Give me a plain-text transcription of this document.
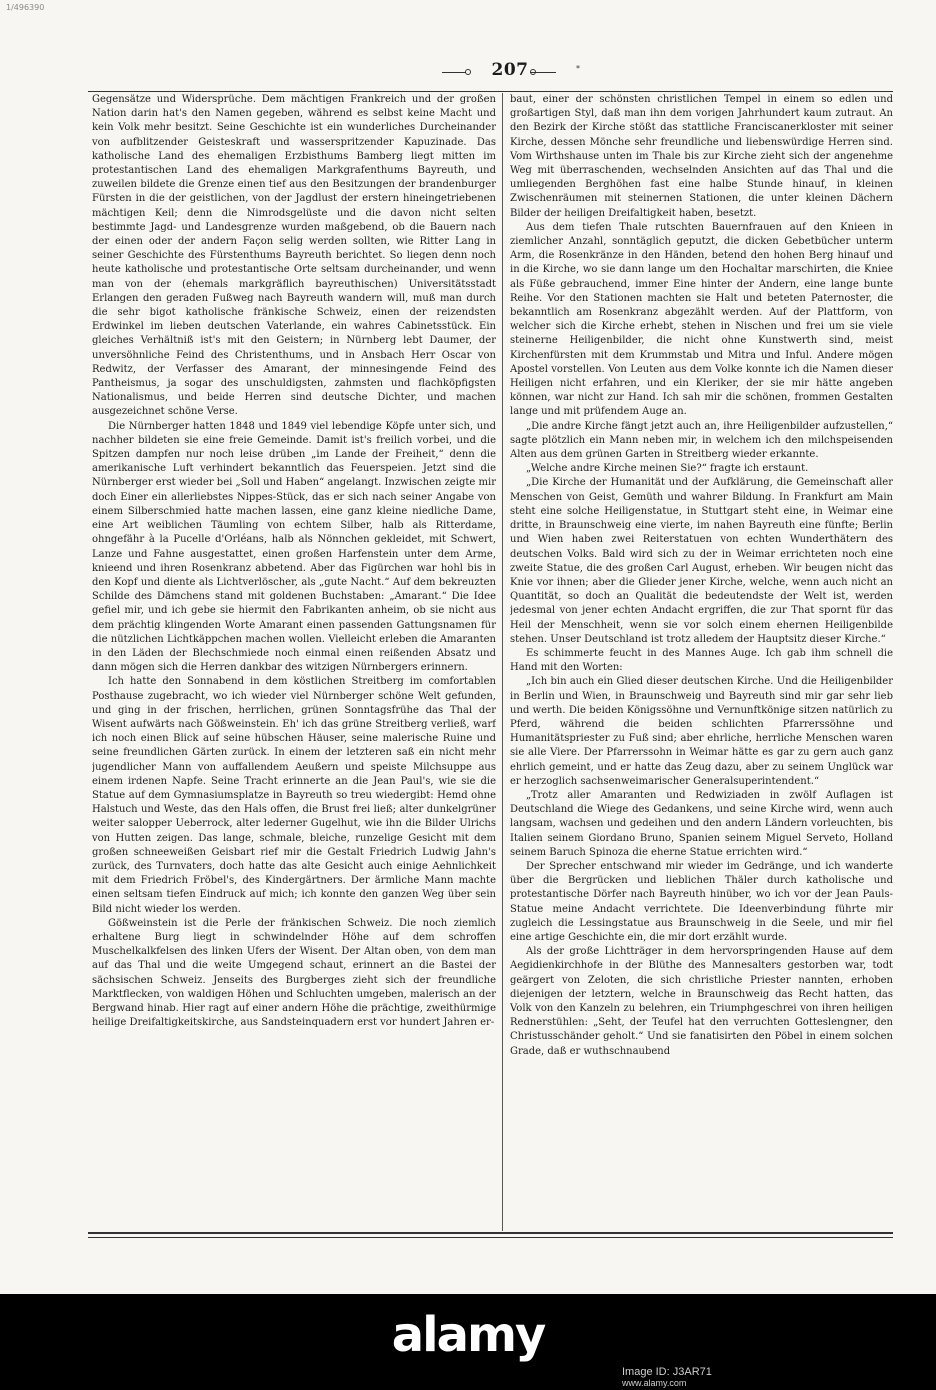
1/496390
207	*

Gegensätze und Widersprüche. Dem mächtigen Frankreich und der großen Nation darin hat's den Namen gegeben, während es selbst keine Macht und kein Volk mehr besitzt. Seine Geschichte ist ein wunderliches Durcheinander von aufblitzender Geisteskraft und wasserspritzender Kapuzinade. Das katholische Land des ehemaligen Erzbisthums Bamberg liegt mitten im protestantischen Land des ehemaligen Markgrafenthums Bayreuth, und zuweilen bildete die Grenze einen tief aus den Besitzungen der brandenburger Fürsten in die der geistlichen, von der Jagdlust der erstern hineingetriebenen mächtigen Keil; denn die Nimrodsgelüste und die davon nicht selten bestimmte Jagd- und Landesgrenze wurden maßgebend, ob die Bauern nach der einen oder der andern Façon selig werden sollten, wie Ritter Lang in seiner Geschichte des Fürstenthums Bayreuth berichtet. So liegen denn noch heute katholische und protestantische Orte seltsam durcheinander, und wenn man von der (ehemals markgräflich bayreuthischen) Universitätsstadt Erlangen den geraden Fußweg nach Bayreuth wandern will, muß man durch die sehr bigot katholische fränkische Schweiz, einen der reizendsten Erdwinkel im lieben deutschen Vaterlande, ein wahres Cabinetsstück. Ein gleiches Verhältniß ist's mit den Geistern; in Nürnberg lebt Daumer, der unversöhnliche Feind des Christenthums, und in Ansbach Herr Oscar von Redwitz, der Verfasser des Amarant, der minnesingende Feind des Pantheismus, ja sogar des unschuldigsten, zahmsten und flachköpfigsten Nationalismus, und beide Herren sind deutsche Dichter, und machen ausgezeichnet schöne Verse.

Die Nürnberger hatten 1848 und 1849 viel lebendige Köpfe unter sich, und nachher bildeten sie eine freie Gemeinde. Damit ist's freilich vorbei, und die Spitzen dampfen nur noch leise drüben „im Lande der Freiheit,“ denn die amerikanische Luft verhindert bekanntlich das Feuerspeien. Jetzt sind die Nürnberger erst wieder bei „Soll und Haben“ angelangt. Inzwischen zeigte mir doch Einer ein allerliebstes Nippes-Stück, das er sich nach seiner Angabe von einem Silberschmied hatte machen lassen, eine ganz kleine niedliche Dame, eine Art weiblichen Täumling von echtem Silber, halb als Ritterdame, ohngefähr à la Pucelle d'Orléans, halb als Nönnchen gekleidet, mit Schwert, Lanze und Fahne ausgestattet, einen großen Harfenstein unter dem Arme, knieend und ihren Rosenkranz abbetend. Aber das Figürchen war hohl bis in den Kopf und diente als Lichtverlöscher, als „gute Nacht.“ Auf dem bekreuzten Schilde des Dämchens stand mit goldenen Buchstaben: „Amarant.“ Die Idee gefiel mir, und ich gebe sie hiermit den Fabrikanten anheim, ob sie nicht aus dem prächtig klingenden Worte Amarant einen passenden Gattungsnamen für die nützlichen Lichtkäppchen machen wollen. Vielleicht erleben die Amaranten in den Läden der Blechschmiede noch einmal einen reißenden Absatz und dann mögen sich die Herren dankbar des witzigen Nürnbergers erinnern.

Ich hatte den Sonnabend in dem köstlichen Streitberg im comfortablen Posthause zugebracht, wo ich wieder viel Nürnberger schöne Welt gefunden, und ging in der frischen, herrlichen, grünen Sonntagsfrühe das Thal der Wisent aufwärts nach Gößweinstein. Eh' ich das grüne Streitberg verließ, warf ich noch einen Blick auf seine hübschen Häuser, seine malerische Ruine und seine freundlichen Gärten zurück. In einem der letzteren saß ein nicht mehr jugendlicher Mann von auffallendem Aeußern und speiste Milchsuppe aus einem irdenen Napfe. Seine Tracht erinnerte an die Jean Paul's, wie sie die Statue auf dem Gymnasiumsplatze in Bayreuth so treu wiedergibt: Hemd ohne Halstuch und Weste, das den Hals offen, die Brust frei ließ; alter dunkelgrüner weiter salopper Ueberrock, alter lederner Gugelhut, wie ihn die Bilder Ulrichs von Hutten zeigen. Das lange, schmale, bleiche, runzelige Gesicht mit dem großen schneeweißen Geisbart rief mir die Gestalt Friedrich Ludwig Jahn's zurück, des Turnvaters, doch hatte das alte Gesicht auch einige Aehnlichkeit mit dem Friedrich Fröbel's, des Kindergärtners. Der ärmliche Mann machte einen seltsam tiefen Eindruck auf mich; ich konnte den ganzen Weg über sein Bild nicht wieder los werden.

Gößweinstein ist die Perle der fränkischen Schweiz. Die noch ziemlich erhaltene Burg liegt in schwindelnder Höhe auf dem schroffen Muschelkalkfelsen des linken Ufers der Wisent. Der Altan oben, von dem man auf das Thal und die weite Umgegend schaut, erinnert an die Bastei der sächsischen Schweiz. Jenseits des Burgberges zieht sich der freundliche Marktflecken, von waldigen Höhen und Schluchten umgeben, malerisch an der Bergwand hinab. Hier ragt auf einer andern Höhe die prächtige, zweithürmige heilige Dreifaltigkeitskirche, aus Sandsteinquadern erst vor hundert Jahren er-

baut, einer der schönsten christlichen Tempel in einem so edlen und großartigen Styl, daß man ihn dem vorigen Jahrhundert kaum zutraut. An den Bezirk der Kirche stößt das stattliche Franciscanerkloster mit seiner Kirche, dessen Mönche sehr freundliche und liebenswürdige Herren sind. Vom Wirthshause unten im Thale bis zur Kirche zieht sich der angenehme Weg mit überraschenden, wechselnden Ansichten auf das Thal und die umliegenden Berghöhen fast eine halbe Stunde hinauf, in kleinen Zwischenräumen mit steinernen Stationen, die unter kleinen Dächern Bilder der heiligen Dreifaltigkeit haben, besetzt.

Aus dem tiefen Thale rutschten Bauernfrauen auf den Knieen in ziemlicher Anzahl, sonntäglich geputzt, die dicken Gebetbücher unterm Arm, die Rosenkränze in den Händen, betend den hohen Berg hinauf und in die Kirche, wo sie dann lange um den Hochaltar marschirten, die Kniee als Füße gebrauchend, immer Eine hinter der Andern, eine lange bunte Reihe. Vor den Stationen machten sie Halt und beteten Paternoster, die bekanntlich am Rosenkranz abgezählt werden. Auf der Plattform, von welcher sich die Kirche erhebt, stehen in Nischen und frei um sie viele steinerne Heiligenbilder, die nicht ohne Kunstwerth sind, meist Kirchenfürsten mit dem Krummstab und Mitra und Inful. Andere mögen Apostel vorstellen. Von Leuten aus dem Volke konnte ich die Namen dieser Heiligen nicht erfahren, und ein Kleriker, der sie mir hätte angeben können, war nicht zur Hand. Ich sah mir die schönen, frommen Gestalten lange und mit prüfendem Auge an.

„Die andre Kirche fängt jetzt auch an, ihre Heiligenbilder aufzustellen,“ sagte plötzlich ein Mann neben mir, in welchem ich den milchspeisenden Alten aus dem grünen Garten in Streitberg wieder erkannte.

„Welche andre Kirche meinen Sie?“ fragte ich erstaunt.

„Die Kirche der Humanität und der Aufklärung, die Gemeinschaft aller Menschen von Geist, Gemüth und wahrer Bildung. In Frankfurt am Main steht eine solche Heiligenstatue, in Stuttgart steht eine, in Weimar eine dritte, in Braunschweig eine vierte, im nahen Bayreuth eine fünfte; Berlin und Wien haben zwei Reiterstatuen von echten Wunderthätern des deutschen Volks. Bald wird sich zu der in Weimar errichteten noch eine zweite Statue, die des großen Carl August, erheben. Wir beugen nicht das Knie vor ihnen; aber die Glieder jener Kirche, welche, wenn auch nicht an Quantität, so doch an Qualität die bedeutendste der Welt ist, werden jedesmal von jener echten Andacht ergriffen, die zur That spornt für das Heil der Menschheit, wenn sie vor solch einem ehernen Heiligenbilde stehen. Unser Deutschland ist trotz alledem der Hauptsitz dieser Kirche.“

Es schimmerte feucht in des Mannes Auge. Ich gab ihm schnell die Hand mit den Worten:

„Ich bin auch ein Glied dieser deutschen Kirche. Und die Heiligenbilder in Berlin und Wien, in Braunschweig und Bayreuth sind mir gar sehr lieb und werth. Die beiden Königssöhne und Vernunftkönige sitzen natürlich zu Pferd, während die beiden schlichten Pfarrerssöhne und Humanitätspriester zu Fuß sind; aber ehrliche, herrliche Menschen waren sie alle Viere. Der Pfarrerssohn in Weimar hätte es gar zu gern auch ganz ehrlich gemeint, und er hatte das Zeug dazu, aber zu seinem Unglück war er herzoglich sachsenweimarischer Generalsuperintendent.“

„Trotz aller Amaranten und Redwiziaden in zwölf Auflagen ist Deutschland die Wiege des Gedankens, und seine Kirche wird, wenn auch langsam, wachsen und gedeihen und den andern Ländern vorleuchten, bis Italien seinem Giordano Bruno, Spanien seinem Miguel Serveto, Holland seinem Baruch Spinoza die eherne Statue errichten wird.“

Der Sprecher entschwand mir wieder im Gedränge, und ich wanderte über die Bergrücken und lieblichen Thäler durch katholische und protestantische Dörfer nach Bayreuth hinüber, wo ich vor der Jean Pauls-Statue meine Andacht verrichtete. Die Ideenverbindung führte mir zugleich die Lessingstatue aus Braunschweig in die Seele, und mir fiel eine artige Geschichte ein, die mir dort erzählt wurde.

Als der große Lichtträger in dem hervorspringenden Hause auf dem Aegidienkirchhofe in der Blüthe des Mannesalters gestorben war, todt geärgert von Zeloten, die sich christliche Priester nannten, erhoben diejenigen der letztern, welche in Braunschweig das Recht hatten, das Volk von den Kanzeln zu belehren, ein Triumphgeschrei von ihren heiligen Rednerstühlen: „Seht, der Teufel hat den verruchten Gotteslengner, den Christusschänder geholt.“ Und sie fanatisirten den Pöbel in einem solchen Grade, daß er wuthschnaubend

alamy
Image ID: J3AR71
www.alamy.com
